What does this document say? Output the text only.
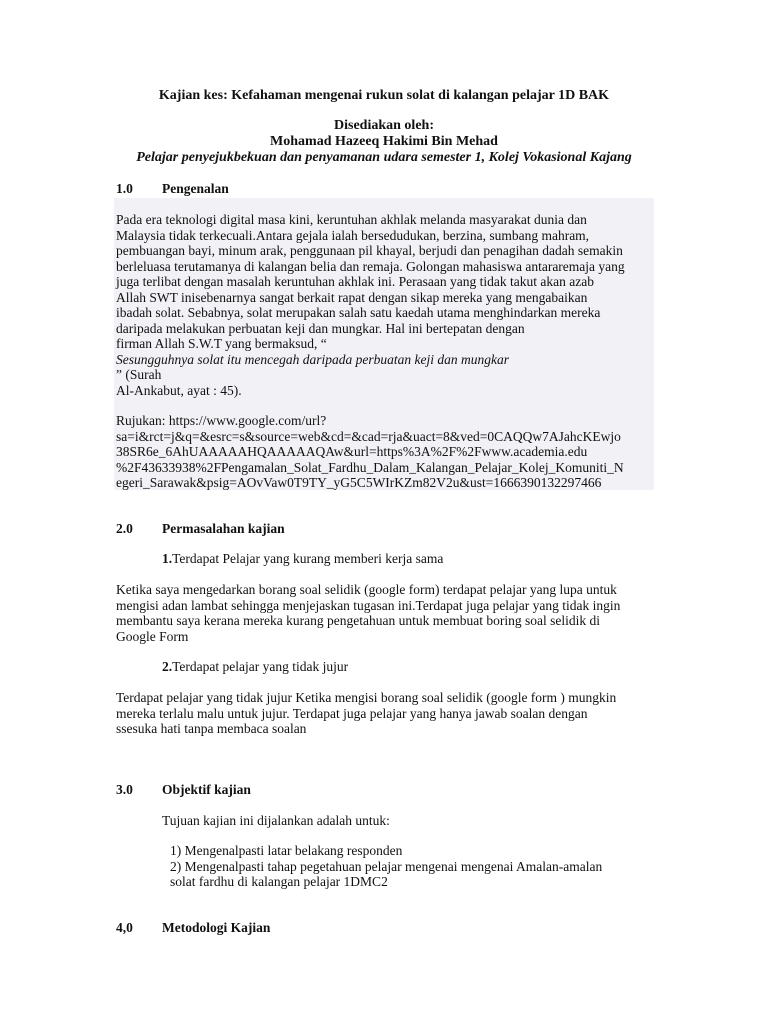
Kajian kes: Kefahaman mengenai rukun solat di kalangan pelajar 1D BAK
Disediakan oleh:
Mohamad Hazeeq Hakimi Bin Mehad
Pelajar penyejukbekuan dan penyamanan udara semester 1, Kolej Vokasional Kajang
1.0 Pengenalan
Pada era teknologi digital masa kini, keruntuhan akhlak melanda masyarakat dunia dan
Malaysia tidak terkecuali.Antara gejala ialah bersedudukan, berzina, sumbang mahram,
pembuangan bayi, minum arak, penggunaan pil khayal, berjudi dan penagihan dadah semakin
berleluasa terutamanya di kalangan belia dan remaja. Golongan mahasiswa antararemaja yang
juga terlibat dengan masalah keruntuhan akhlak ini. Perasaan yang tidak takut akan azab
Allah SWT inisebenarnya sangat berkait rapat dengan sikap mereka yang mengabaikan
ibadah solat. Sebabnya, solat merupakan salah satu kaedah utama menghindarkan mereka
daripada melakukan perbuatan keji dan mungkar. Hal ini bertepatan dengan
firman Allah S.W.T yang bermaksud, “
Sesungguhnya solat itu mencegah daripada perbuatan keji dan mungkar
” (Surah
Al-Ankabut, ayat : 45).
Rujukan: https://www.google.com/url?
sa=i&rct=j&q=&esrc=s&source=web&cd=&cad=rja&uact=8&ved=0CAQQw7AJahcKEwjo
38SR6e_6AhUAAAAAHQAAAAAQAw&url=https%3A%2F%2Fwww.academia.edu
%2F43633938%2FPengamalan_Solat_Fardhu_Dalam_Kalangan_Pelajar_Kolej_Komuniti_N
egeri_Sarawak&psig=AOvVaw0T9TY_yG5C5WIrKZm82V2u&ust=1666390132297466
2.0 Permasalahan kajian
1.Terdapat Pelajar yang kurang memberi kerja sama
Ketika saya mengedarkan borang soal selidik (google form) terdapat pelajar yang lupa untuk
mengisi adan lambat sehingga menjejaskan tugasan ini.Terdapat juga pelajar yang tidak ingin
membantu saya kerana mereka kurang pengetahuan untuk membuat boring soal selidik di
Google Form
2.Terdapat pelajar yang tidak jujur
Terdapat pelajar yang tidak jujur Ketika mengisi borang soal selidik (google form ) mungkin
mereka terlalu malu untuk jujur. Terdapat juga pelajar yang hanya jawab soalan dengan
ssesuka hati tanpa membaca soalan
3.0 Objektif kajian
Tujuan kajian ini dijalankan adalah untuk:
1) Mengenalpasti latar belakang responden
2) Mengenalpasti tahap pegetahuan pelajar mengenai mengenai Amalan-amalan
solat fardhu di kalangan pelajar 1DMC2
4,0 Metodologi Kajian
